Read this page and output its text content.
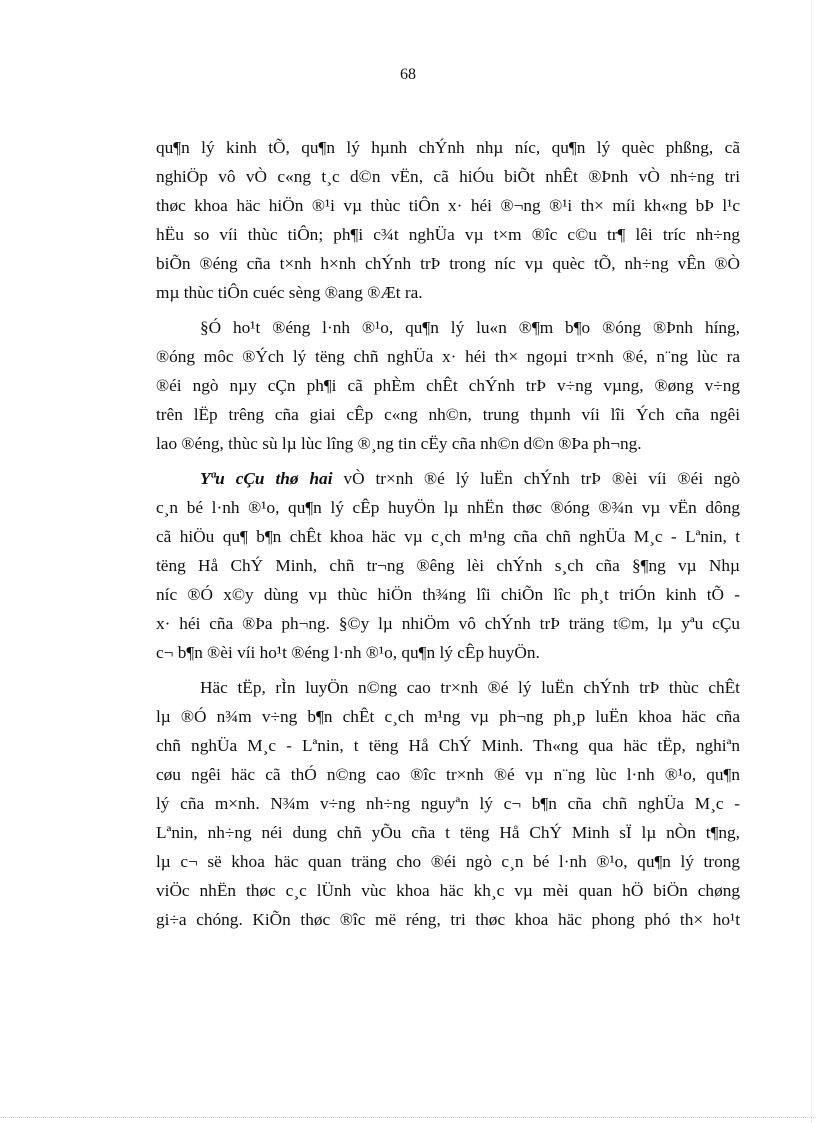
68
qu¶n lý kinh tÕ, qu¶n lý hµnh chÝnh nhµ níc, qu¶n lý quèc phßng, cã
nghiÖp vô vÒ c«ng t¸c d©n vËn, cã hiÓu biÕt nhÊt ®Þnh vÒ nh÷ng tri
thøc khoa häc hiÖn ®¹i vµ thùc tiÔn x· héi ®¬ng ®¹i th× míi kh«ng bÞ l¹c
hËu so víi thùc tiÔn; ph¶i c¾t nghÜa vµ t×m ®îc c©u tr¶ lêi tríc nh÷ng
biÕn ®éng cña t×nh h×nh chÝnh trÞ trong níc vµ quèc tÕ, nh÷ng vÊn ®Ò
mµ thùc tiÔn cuéc sèng ®ang ®Æt ra.
§Ó ho¹t ®éng l·nh ®¹o, qu¶n lý lu«n ®¶m b¶o ®óng ®Þnh híng,
®óng môc ®Ých lý tëng chñ nghÜa x· héi th× ngoµi tr×nh ®é, n¨ng lùc ra
®éi ngò nµy cÇn ph¶i cã phÈm chÊt chÝnh trÞ v÷ng vµng, ®øng v÷ng
trên lËp trêng cña giai cÊp c«ng nh©n, trung thµnh víi lîi Ých cña ngêi
lao ®éng, thùc sù lµ lùc lîng ®¸ng tin cËy cña nh©n d©n ®Þa ph¬ng.
Yªu cÇu thø hai vÒ tr×nh ®é lý luËn chÝnh trÞ ®èi víi ®éi ngò
c¸n bé l·nh ®¹o, qu¶n lý cÊp huyÖn lµ nhËn thøc ®óng ®¾n vµ vËn dông
cã hiÖu qu¶ b¶n chÊt khoa häc vµ c¸ch m¹ng cña chñ nghÜa M¸c - Lªnin, t
tëng Hå ChÝ Minh, chñ tr¬ng ®êng lèi chÝnh s¸ch cña §¶ng vµ Nhµ
níc ®Ó x©y dùng vµ thùc hiÖn th¾ng lîi chiÕn lîc ph¸t triÓn kinh tÕ -
x· héi cña ®Þa ph¬ng. §©y lµ nhiÖm vô chÝnh trÞ träng t©m, lµ yªu cÇu
c¬ b¶n ®èi víi ho¹t ®éng l·nh ®¹o, qu¶n lý cÊp huyÖn.
Häc tËp, rÌn luyÖn n©ng cao tr×nh ®é lý luËn chÝnh trÞ thùc chÊt
lµ ®Ó n¾m v÷ng b¶n chÊt c¸ch m¹ng vµ ph¬ng ph¸p luËn khoa häc cña
chñ nghÜa M¸c - Lªnin, t tëng Hå ChÝ Minh. Th«ng qua häc tËp, nghiªn
cøu ngêi häc cã thÓ n©ng cao ®îc tr×nh ®é vµ n¨ng lùc l·nh ®¹o, qu¶n
lý cña m×nh. N¾m v÷ng nh÷ng nguyªn lý c¬ b¶n cña chñ nghÜa M¸c -
Lªnin, nh÷ng néi dung chñ yÕu cña t tëng Hå ChÝ Minh sÏ lµ nÒn t¶ng,
lµ c¬ së khoa häc quan träng cho ®éi ngò c¸n bé l·nh ®¹o, qu¶n lý trong
viÖc nhËn thøc c¸c lÜnh vùc khoa häc kh¸c vµ mèi quan hÖ biÖn chøng
gi÷a chóng. KiÕn thøc ®îc më réng, tri thøc khoa häc phong phó th× ho¹t
